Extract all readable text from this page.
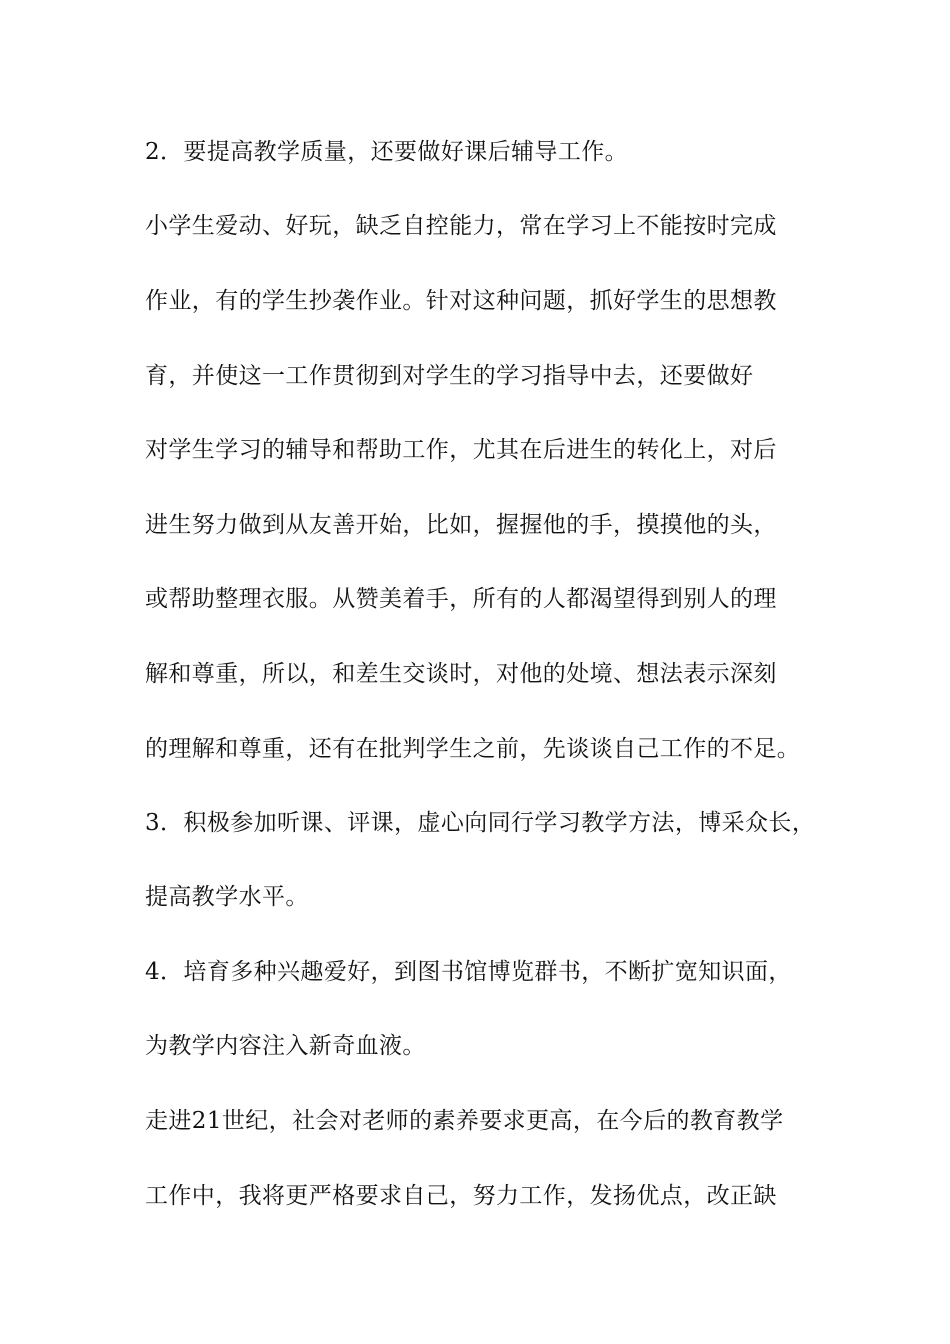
2．要提高教学质量，还要做好课后辅导工作。
小学生爱动、好玩，缺乏自控能力，常在学习上不能按时完成
作业，有的学生抄袭作业。针对这种问题，抓好学生的思想教
育，并使这一工作贯彻到对学生的学习指导中去，还要做好
对学生学习的辅导和帮助工作，尤其在后进生的转化上，对后
进生努力做到从友善开始，比如，握握他的手，摸摸他的头，
或帮助整理衣服。从赞美着手，所有的人都渴望得到别人的理
解和尊重，所以，和差生交谈时，对他的处境、想法表示深刻
的理解和尊重，还有在批判学生之前，先谈谈自己工作的不足。
3．积极参加听课、评课，虚心向同行学习教学方法，博采众长，
提高教学水平。
4．培育多种兴趣爱好，到图书馆博览群书，不断扩宽知识面，
为教学内容注入新奇血液。
走进21世纪，社会对老师的素养要求更高，在今后的教育教学
工作中，我将更严格要求自己，努力工作，发扬优点，改正缺
